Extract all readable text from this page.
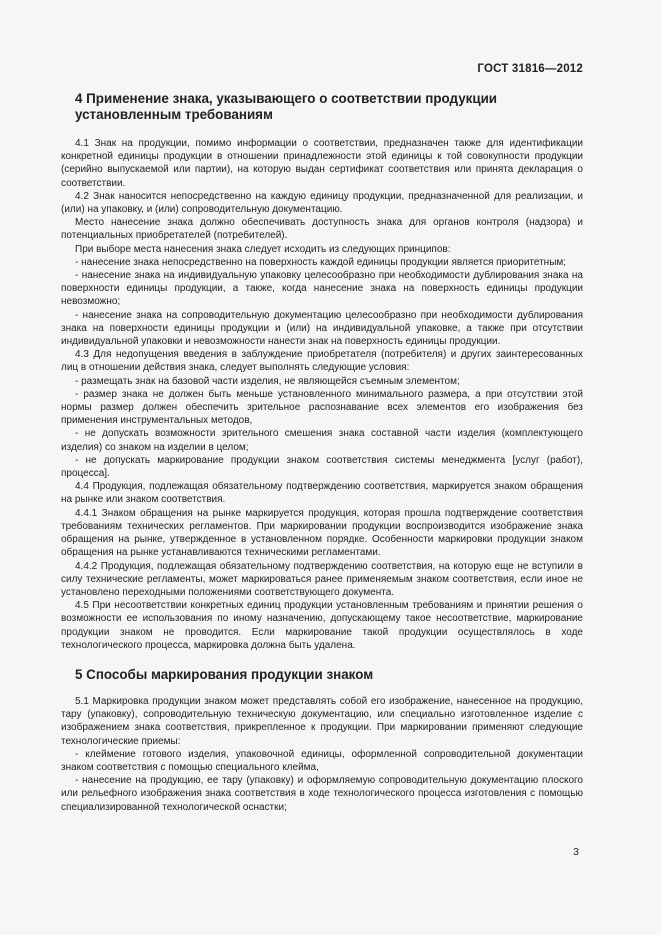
ГОСТ 31816—2012
4 Применение знака, указывающего о соответствии продукции
установленным требованиям

4.1 Знак на продукции, помимо информации о соответствии, предназначен также для идентификации конкретной единицы продукции в отношении принадлежности этой единицы к той совокупности продукции (серийно выпускаемой или партии), на которую выдан сертификат соответствия или принята декларация о соответствии.

4.2 Знак наносится непосредственно на каждую единицу продукции, предназначенной для реализации, и (или) на упаковку, и (или) сопроводительную документацию.

Место нанесение знака должно обеспечивать доступность знака для органов контроля (надзора) и потенциальных приобретателей (потребителей).

При выборе места нанесения знака следует исходить из следующих принципов:

- нанесение знака непосредственно на поверхность каждой единицы продукции является приоритетным;

- нанесение знака на индивидуальную упаковку целесообразно при необходимости дублирования знака на поверхности единицы продукции, а также, когда нанесение знака на поверхность единицы продукции невозможно;

- нанесение знака на сопроводительную документацию целесообразно при необходимости дублирования знака на поверхности единицы продукции и (или) на индивидуальной упаковке, а также при отсутствии индивидуальной упаковки и невозможности нанести знак на поверхность единицы продукции.

4.3 Для недопущения введения в заблуждение приобретателя (потребителя) и других заинтересованных лиц в отношении действия знака, следует выполнять следующие условия:

- размещать знак на базовой части изделия, не являющейся съемным элементом;

- размер знака не должен быть меньше установленного минимального размера, а при отсутствии этой нормы размер должен обеспечить зрительное распознавание всех элементов его изображения без применения инструментальных методов,

- не допускать возможности зрительного смешения знака составной части изделия (комплектующего изделия) со знаком на изделии в целом;

- не допускать маркирование продукции знаком соответствия системы менеджмента [услуг (работ), процесса].

4.4 Продукция, подлежащая обязательному подтверждению соответствия, маркируется знаком обращения на рынке или знаком соответствия.

4.4.1 Знаком обращения на рынке маркируется продукция, которая прошла подтверждение соответствия требованиям технических регламентов. При маркировании продукции воспроизводится изображение знака обращения на рынке, утвержденное в установленном порядке. Особенности маркировки продукции знаком обращения на рынке устанавливаются техническими регламентами.

4.4.2 Продукция, подлежащая обязательному подтверждению соответствия, на которую еще не вступили в силу технические регламенты, может маркироваться ранее применяемым знаком соответствия, если иное не установлено переходными положениями соответствующего документа.

4.5 При несоответствии конкретных единиц продукции установленным требованиям и принятии решения о возможности ее использования по иному назначению, допускающему такое несоответствие, маркирование продукции знаком не проводится. Если маркирование такой продукции осуществлялось в ходе технологического процесса, маркировка должна быть удалена.

5 Способы маркирования продукции знаком

5.1 Маркировка продукции знаком может представлять собой его изображение, нанесенное на продукцию, тару (упаковку), сопроводительную техническую документацию, или специально изготовленное изделие с изображением знака соответствия, прикрепленное к продукции. При маркировании применяют следующие технологические приемы:

- клеймение готового изделия, упаковочной единицы, оформленной сопроводительной документации знаком соответствия с помощью специального клейма,

- нанесение на продукцию, ее тару (упаковку) и оформляемую сопроводительную документацию плоского или рельефного изображения знака соответствия в ходе технологического процесса изготовления с помощью специализированной технологической оснастки;

3
